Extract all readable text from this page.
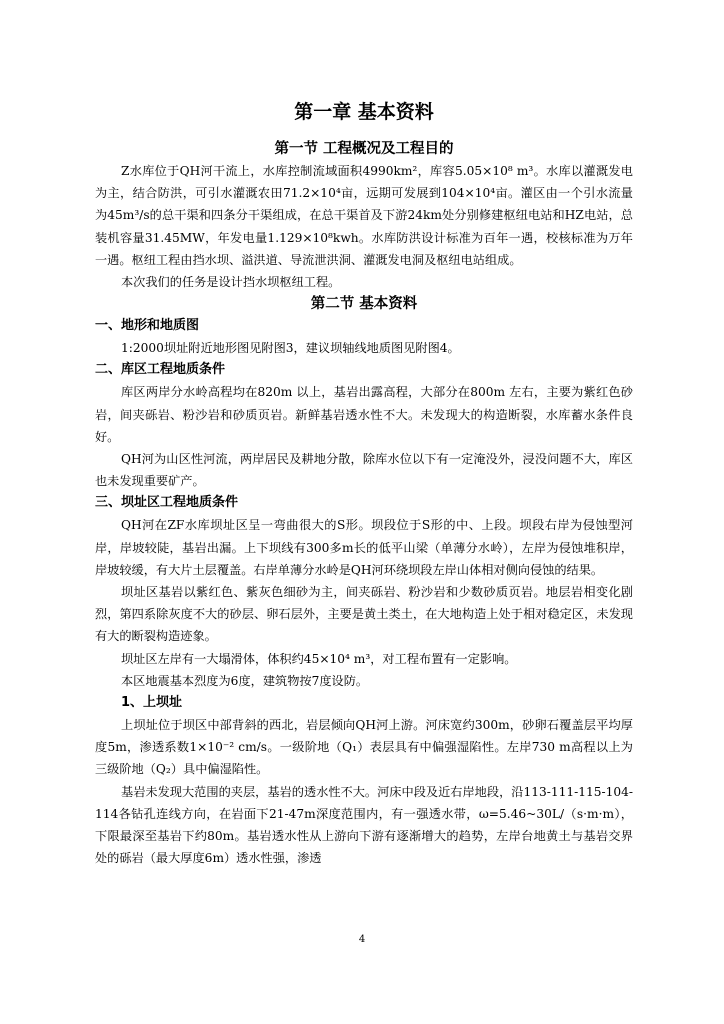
第一章 基本资料
第一节 工程概况及工程目的

Z水库位于QH河干流上，水库控制流域面积4990km²，库容5.05×10⁸ m³。水库以灌溉发电为主，结合防洪，可引水灌溉农田71.2×10⁴亩，远期可发展到104×10⁴亩。灌区由一个引水流量为45m³/s的总干渠和四条分干渠组成，在总干渠首及下游24km处分别修建枢纽电站和HZ电站，总装机容量31.45MW，年发电量1.129×10⁸kwh。水库防洪设计标准为百年一遇，校核标准为万年一遇。枢纽工程由挡水坝、溢洪道、导流泄洪洞、灌溉发电洞及枢纽电站组成。

本次我们的任务是设计挡水坝枢纽工程。

第二节 基本资料
一、地形和地质图

1:2000坝址附近地形图见附图3，建议坝轴线地质图见附图4。

二、库区工程地质条件

库区两岸分水岭高程均在820m 以上，基岩出露高程，大部分在800m 左右，主要为紫红色砂岩，间夹砾岩、粉沙岩和砂质页岩。新鲜基岩透水性不大。未发现大的构造断裂，水库蓄水条件良好。

QH河为山区性河流，两岸居民及耕地分散，除库水位以下有一定淹没外，浸没问题不大，库区也未发现重要矿产。

三、坝址区工程地质条件

QH河在ZF水库坝址区呈一弯曲很大的S形。坝段位于S形的中、上段。坝段右岸为侵蚀型河岸，岸坡较陡，基岩出漏。上下坝线有300多m长的低平山梁（单薄分水岭），左岸为侵蚀堆积岸，岸坡较缓，有大片土层覆盖。右岸单薄分水岭是QH河环绕坝段左岸山体相对侧向侵蚀的结果。

坝址区基岩以紫红色、紫灰色细砂为主，间夹砾岩、粉沙岩和少数砂质页岩。地层岩相变化剧烈，第四系除灰度不大的砂层、卵石层外，主要是黄土类土，在大地构造上处于相对稳定区，未发现有大的断裂构造迹象。

坝址区左岸有一大塌滑体，体积约45×10⁴ m³，对工程布置有一定影响。

本区地震基本烈度为6度，建筑物按7度设防。

1、上坝址

上坝址位于坝区中部背斜的西北，岩层倾向QH河上游。河床宽约300m，砂卵石覆盖层平均厚度5m，渗透系数1×10⁻² cm/s。一级阶地（Q₁）表层具有中偏强湿陷性。左岸730 m高程以上为三级阶地（Q₂）具中偏湿陷性。

基岩未发现大范围的夹层，基岩的透水性不大。河床中段及近右岸地段，沿113-111-115-104-114各钻孔连线方向，在岩面下21-47m深度范围内，有一强透水带，ω=5.46~30L/（s·m·m），下限最深至基岩下约80m。基岩透水性从上游向下游有逐渐增大的趋势，左岸台地黄土与基岩交界处的砾岩（最大厚度6m）透水性强，渗透

4
